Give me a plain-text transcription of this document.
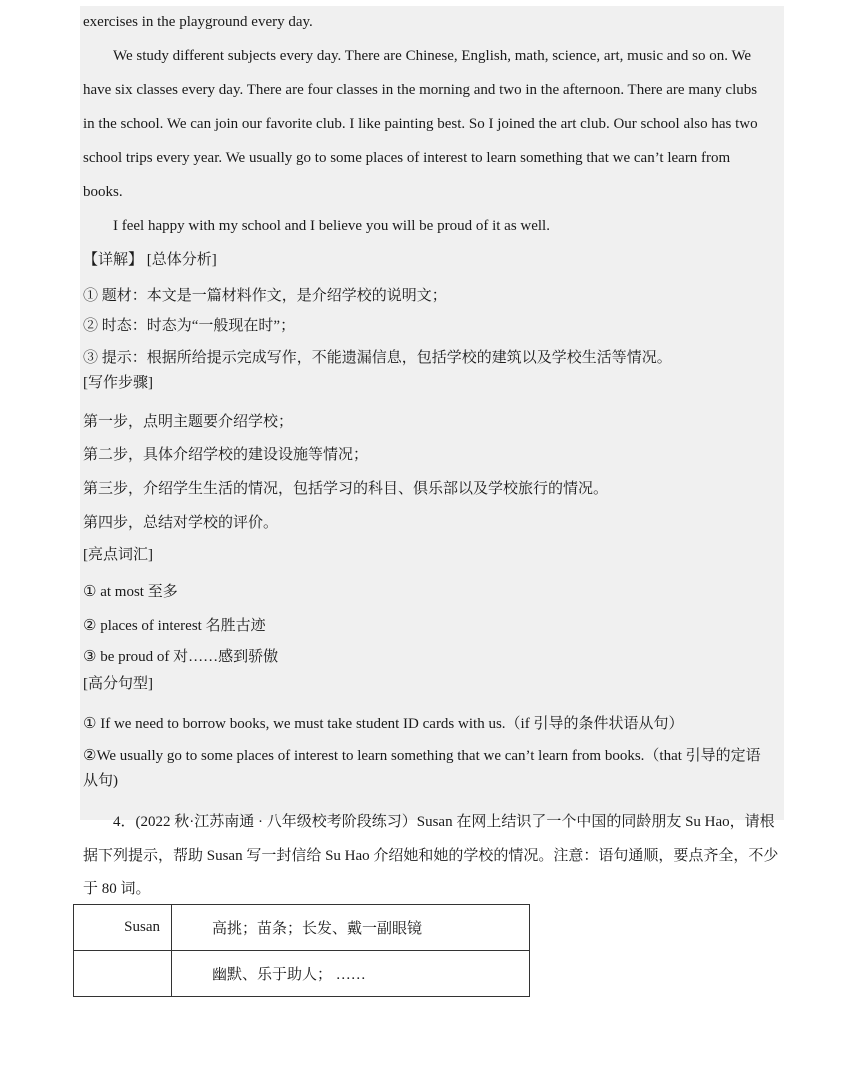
exercises in the playground every day.
We study different subjects every day. There are Chinese, English, math, science, art, music and so on. We
have six classes every day. There are four classes in the morning and two in the afternoon. There are many clubs
in the school. We can join our favorite club. I like painting best. So I joined the art club. Our school also has two
school trips every year. We usually go to some places of interest to learn something that we can’t learn from
books.
I feel happy with my school and I believe you will be proud of it as well.
【详解】 [总体分析]
① 题材：本文是一篇材料作文，是介绍学校的说明文；
② 时态：时态为“一般现在时”；
③ 提示：根据所给提示完成写作，不能遗漏信息，包括学校的建筑以及学校生活等情况。
[写作步骤]
第一步，点明主题要介绍学校；
第二步，具体介绍学校的建设设施等情况；
第三步，介绍学生生活的情况，包括学习的科目、俱乐部以及学校旅行的情况。
第四步，总结对学校的评价。
[亮点词汇]
① at most 至多
② places of interest 名胜古迹
③ be proud of 对……感到骄傲
[高分句型]
① If we need to borrow books, we must take student ID cards with us.（if 引导的条件状语从句）
②We usually go to some places of interest to learn something that we can’t learn from books.（that 引导的定语
从句)
4．(2022 秋·江苏南通 · 八年级校考阶段练习）Susan 在网上结识了一个中国的同龄朋友 Su Hao，请根
据下列提示，帮助 Susan 写一封信给 Su Hao 介绍她和她的学校的情况。注意：语句通顺，要点齐全，不少
于 80 词。
Susan	高挑；苗条；长发、戴一副眼镜
	幽默、乐于助人； ……
